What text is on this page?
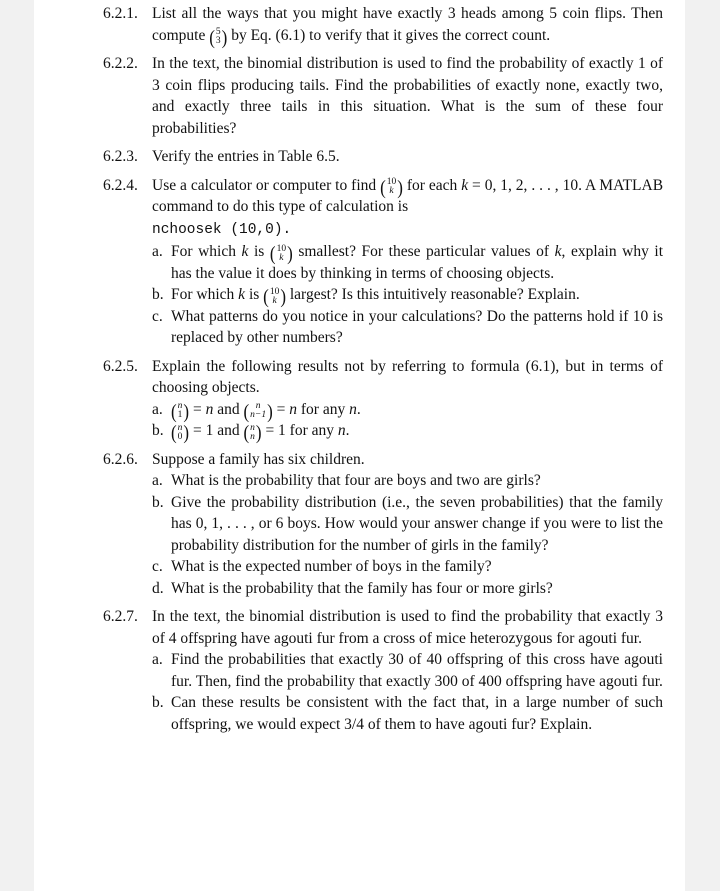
6.2.1. List all the ways that you might have exactly 3 heads among 5 coin flips. Then compute ( 5
3 ) by Eq. (6.1) to verify that it gives the correct count.
6.2.2. In the text, the binomial distribution is used to find the probability of exactly 1 of 3 coin flips producing tails. Find the probabilities of exactly none, exactly two, and exactly three tails in this situation. What is the sum of these four probabilities?
6.2.3. Verify the entries in Table 6.5.
6.2.4. Use a calculator or computer to find ( 10
k ) for each k = 0, 1, 2, . . . , 10. A MATLAB command to do this type of calculation is
nchoosek (10,0).
a. For which k is ( 10
k ) smallest? For these particular values of k, explain why it has the value it does by thinking in terms of choosing objects.
b. For which k is ( 10
k ) largest? Is this intuitively reasonable? Explain.
c. What patterns do you notice in your calculations? Do the patterns hold if 10 is replaced by other numbers?
6.2.5. Explain the following results not by referring to formula (6.1), but in terms of choosing objects.
a. ( n
1 ) = n and ( n
n−1 ) = n for any n.
b. ( n
0 ) = 1 and ( n
n ) = 1 for any n.
6.2.6. Suppose a family has six children.
a. What is the probability that four are boys and two are girls?
b. Give the probability distribution (i.e., the seven probabilities) that the family has 0, 1, . . . , or 6 boys. How would your answer change if you were to list the probability distribution for the number of girls in the family?
c. What is the expected number of boys in the family?
d. What is the probability that the family has four or more girls?
6.2.7. In the text, the binomial distribution is used to find the probability that exactly 3 of 4 offspring have agouti fur from a cross of mice heterozygous for agouti fur.
a. Find the probabilities that exactly 30 of 40 offspring of this cross have agouti fur. Then, find the probability that exactly 300 of 400 offspring have agouti fur.
b. Can these results be consistent with the fact that, in a large number of such offspring, we would expect 3/4 of them to have agouti fur? Explain.
